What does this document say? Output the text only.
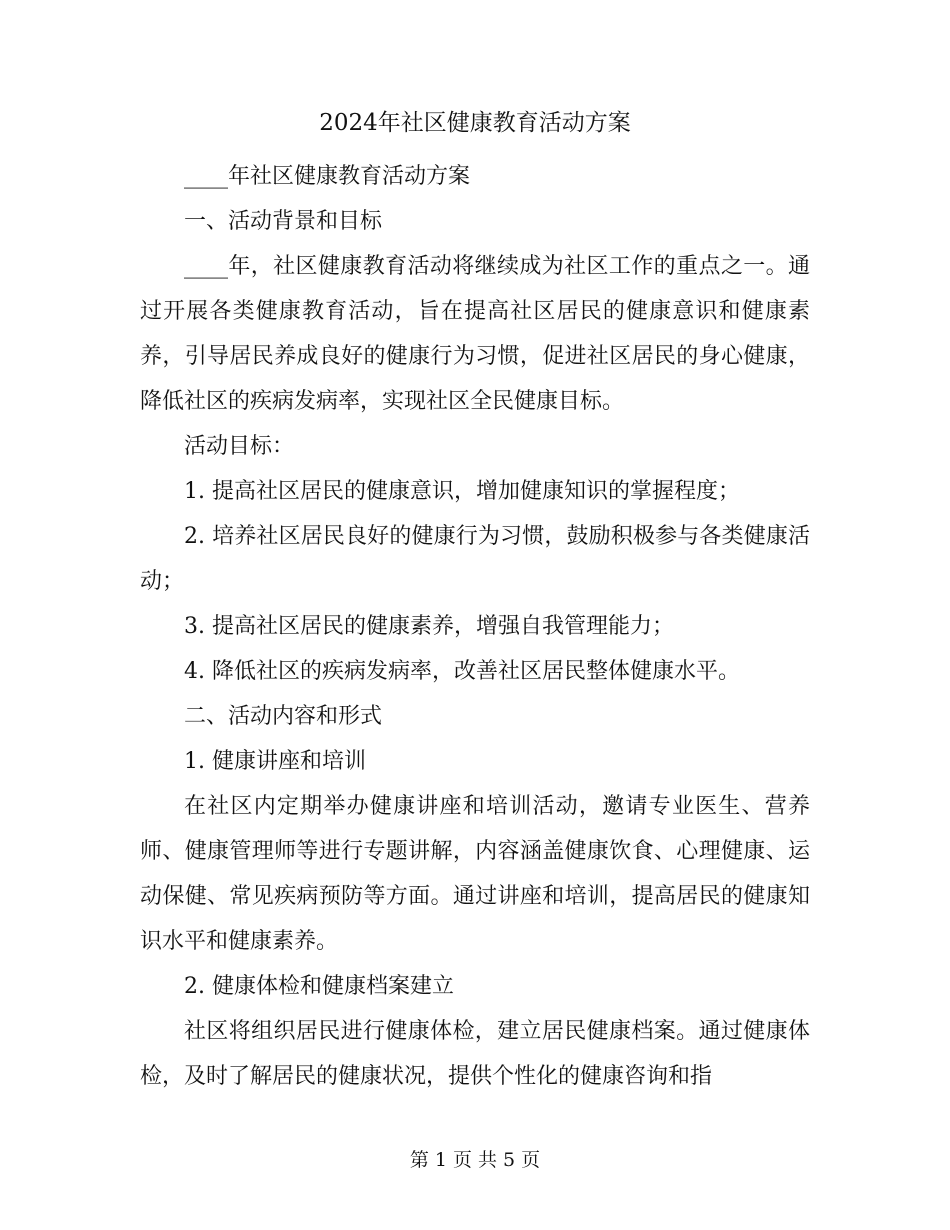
2024年社区健康教育活动方案

____年社区健康教育活动方案

一、活动背景和目标

____年，社区健康教育活动将继续成为社区工作的重点之一。通过开展各类健康教育活动，旨在提高社区居民的健康意识和健康素养，引导居民养成良好的健康行为习惯，促进社区居民的身心健康，降低社区的疾病发病率，实现社区全民健康目标。

活动目标：

1. 提高社区居民的健康意识，增加健康知识的掌握程度；

2. 培养社区居民良好的健康行为习惯，鼓励积极参与各类健康活动；

3. 提高社区居民的健康素养，增强自我管理能力；

4. 降低社区的疾病发病率，改善社区居民整体健康水平。

二、活动内容和形式

1. 健康讲座和培训

在社区内定期举办健康讲座和培训活动，邀请专业医生、营养师、健康管理师等进行专题讲解，内容涵盖健康饮食、心理健康、运动保健、常见疾病预防等方面。通过讲座和培训，提高居民的健康知识水平和健康素养。

2. 健康体检和健康档案建立

社区将组织居民进行健康体检，建立居民健康档案。通过健康体检，及时了解居民的健康状况，提供个性化的健康咨询和指

第 1 页 共 5 页
